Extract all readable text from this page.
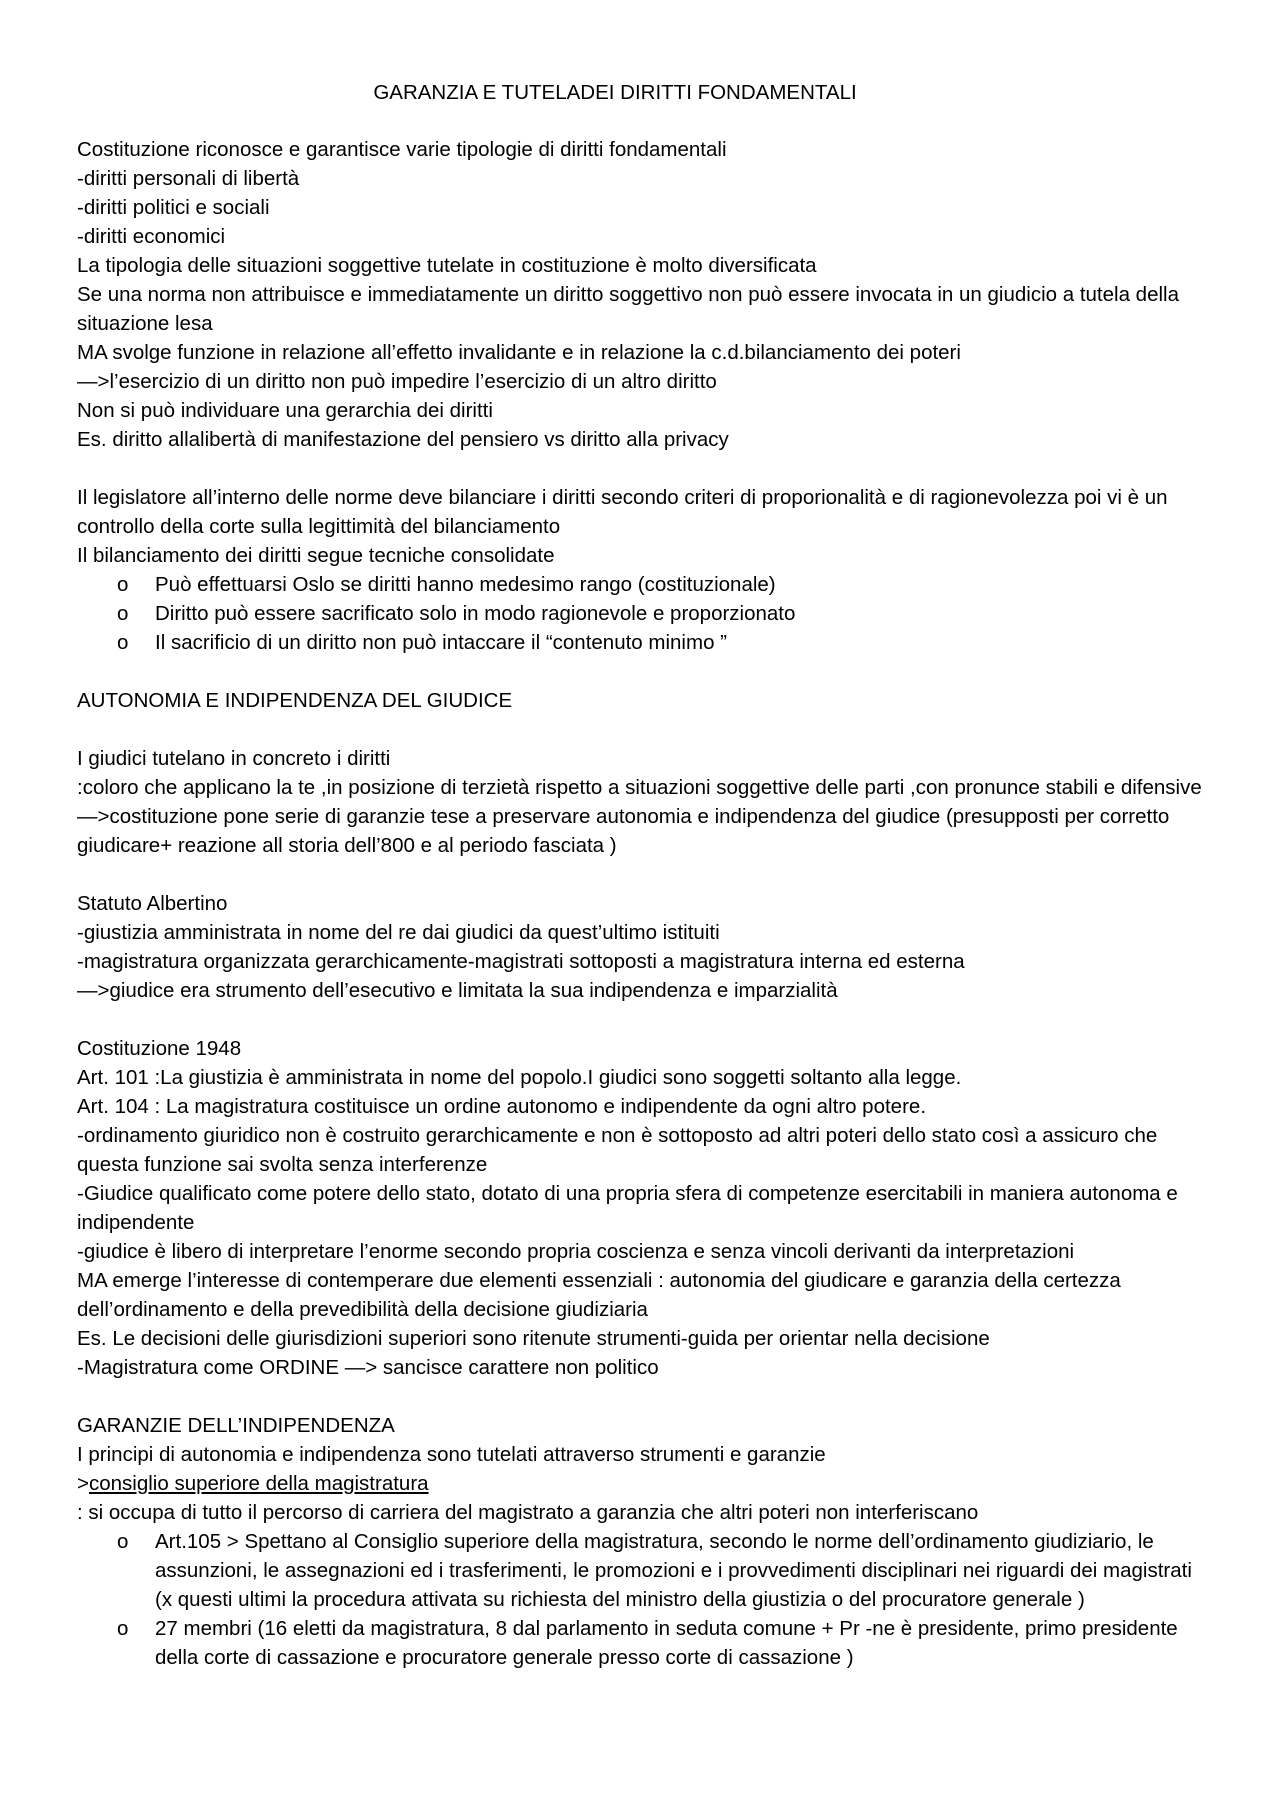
GARANZIA E TUTELADEI DIRITTI FONDAMENTALI
Costituzione riconosce e garantisce varie tipologie di diritti fondamentali
-diritti personali di libertà
-diritti politici e sociali
-diritti economici
La tipologia delle situazioni soggettive tutelate in costituzione è molto diversificata
Se una norma non attribuisce e immediatamente un diritto soggettivo non può essere invocata in un giudicio a tutela della situazione lesa
MA svolge funzione in relazione all’effetto invalidante e in relazione la c.d.bilanciamento dei poteri
—>l’esercizio di un diritto non può impedire l’esercizio di un altro diritto
Non si può individuare una gerarchia dei diritti
Es. diritto allalibertà di manifestazione del pensiero vs diritto alla privacy
Il legislatore all’interno delle norme deve bilanciare i diritti secondo criteri di proporionalità e di ragionevolezza poi vi è un controllo della corte sulla legittimità del bilanciamento
Il bilanciamento dei diritti segue tecniche consolidate
o Può effettuarsi Oslo se diritti hanno medesimo rango (costituzionale)
o Diritto può essere sacrificato solo in modo ragionevole e proporzionato
o Il sacrificio di un diritto non può intaccare il “contenuto minimo ”
AUTONOMIA E INDIPENDENZA DEL GIUDICE
I giudici tutelano in concreto i diritti
:coloro che applicano la te ,in posizione di terzietà rispetto a situazioni soggettive delle parti ,con pronunce stabili e difensive
—>costituzione pone serie di garanzie tese a preservare autonomia e indipendenza del giudice (presupposti per corretto giudicare+ reazione all storia dell’800 e al periodo fasciata )
Statuto Albertino
-giustizia amministrata in nome del re dai giudici da quest’ultimo istituiti
-magistratura organizzata gerarchicamente-magistrati sottoposti a magistratura interna ed esterna
—>giudice era strumento dell’esecutivo e limitata la sua indipendenza e imparzialità
Costituzione 1948
Art. 101 :La giustizia è amministrata in nome del popolo.I giudici sono soggetti soltanto alla legge.
Art. 104 : La magistratura costituisce un ordine autonomo e indipendente da ogni altro potere.
-ordinamento giuridico non è costruito gerarchicamente e non è sottoposto ad altri poteri dello stato così a assicuro che questa funzione sai svolta senza interferenze
-Giudice qualificato come potere dello stato, dotato di una propria sfera di competenze esercitabili in maniera autonoma e indipendente
-giudice è libero di interpretare l’enorme secondo propria coscienza e senza vincoli derivanti da interpretazioni
MA emerge l’interesse di contemperare due elementi essenziali : autonomia del giudicare e garanzia della certezza dell’ordinamento e della prevedibilità della decisione giudiziaria
Es. Le decisioni delle giurisdizioni superiori sono ritenute strumenti-guida per orientar nella decisione
-Magistratura come ORDINE —> sancisce carattere non politico
GARANZIE DELL’INDIPENDENZA
I principi di autonomia e indipendenza sono tutelati attraverso strumenti e garanzie
>consiglio superiore della magistratura
: si occupa di tutto il percorso di carriera del magistrato a garanzia che altri poteri non interferiscano
o Art.105 > Spettano al Consiglio superiore della magistratura, secondo le norme dell’ordinamento giudiziario, le assunzioni, le assegnazioni ed i trasferimenti, le promozioni e i provvedimenti disciplinari nei riguardi dei magistrati (x questi ultimi la procedura attivata su richiesta del ministro della giustizia o del procuratore generale )
o 27 membri (16 eletti da magistratura, 8 dal parlamento in seduta comune + Pr -ne è presidente, primo presidente della corte di cassazione e procuratore generale presso corte di cassazione )
